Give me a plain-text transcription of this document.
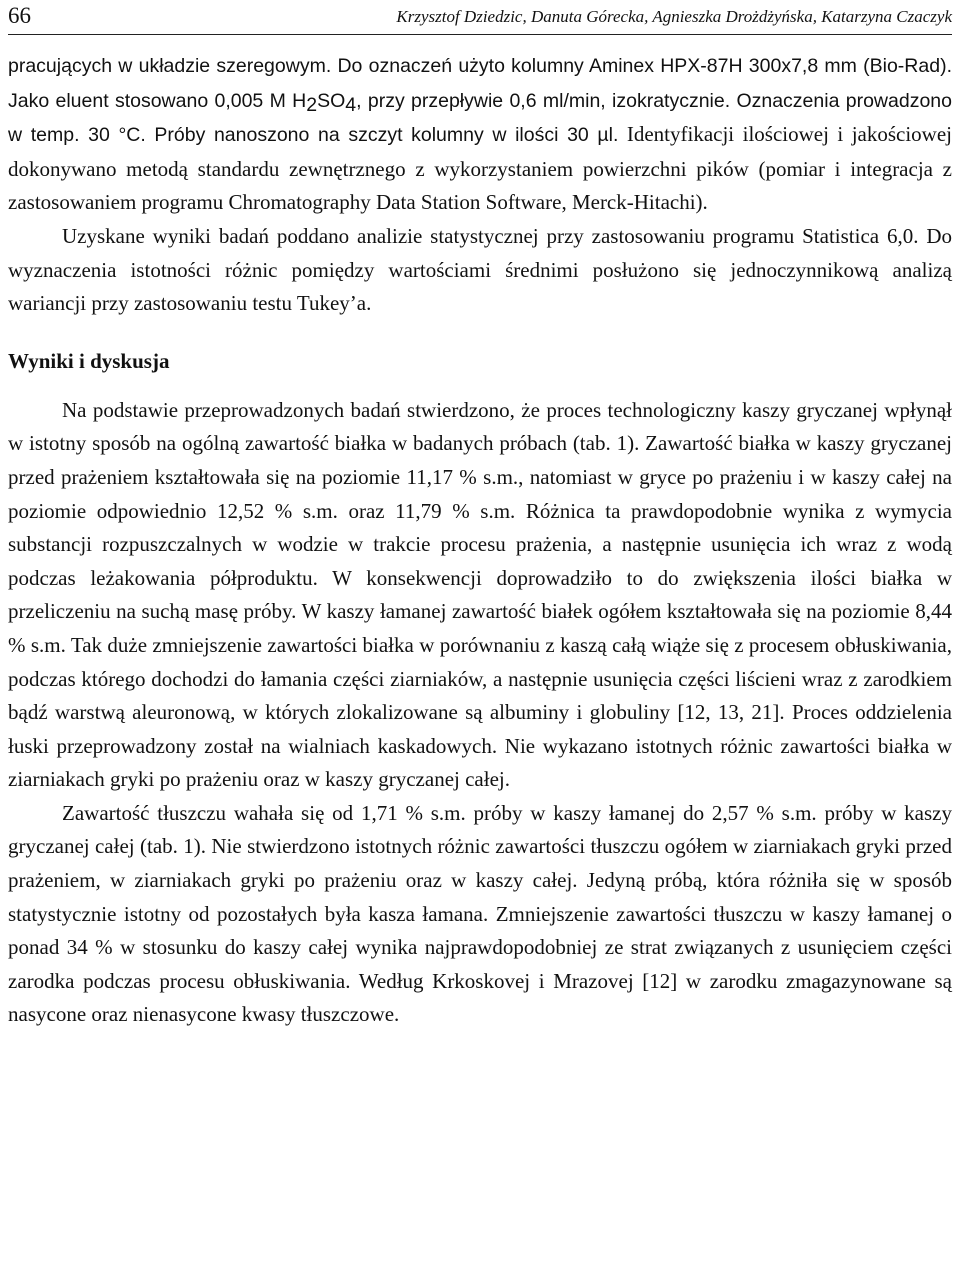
66	Krzysztof Dziedzic, Danuta Górecka, Agnieszka Drożdżyńska, Katarzyna Czaczyk

pracujących w układzie szeregowym. Do oznaczeń użyto kolumny Aminex HPX-87H 300x7,8 mm (Bio-Rad). Jako eluent stosowano 0,005 M $H_2SO_4$, przy przepływie 0,6 ml/min, izokratycznie. Oznaczenia prowadzono w temp. 30 °C. Próby nanoszono na szczyt kolumny w ilości 30 µl. Identyfikacji ilościowej i jakościowej dokonywano metodą standardu zewnętrznego z wykorzystaniem powierzchni pików (pomiar i integracja z zastosowaniem programu Chromatography Data Station Software, Merck-Hitachi).

Uzyskane wyniki badań poddano analizie statystycznej przy zastosowaniu programu Statistica 6,0. Do wyznaczenia istotności różnic pomiędzy wartościami średnimi posłużono się jednoczynnikową analizą wariancji przy zastosowaniu testu Tukey’a.

Wyniki i dyskusja

Na podstawie przeprowadzonych badań stwierdzono, że proces technologiczny kaszy gryczanej wpłynął w istotny sposób na ogólną zawartość białka w badanych próbach (tab. 1). Zawartość białka w kaszy gryczanej przed prażeniem kształtowała się na poziomie 11,17 % s.m., natomiast w gryce po prażeniu i w kaszy całej na poziomie odpowiednio 12,52 % s.m. oraz 11,79 % s.m. Różnica ta prawdopodobnie wynika z wymycia substancji rozpuszczalnych w wodzie w trakcie procesu prażenia, a następnie usunięcia ich wraz z wodą podczas leżakowania półproduktu. W konsekwencji doprowadziło to do zwiększenia ilości białka w przeliczeniu na suchą masę próby. W kaszy łamanej zawartość białek ogółem kształtowała się na poziomie 8,44 % s.m. Tak duże zmniejszenie zawartości białka w porównaniu z kaszą całą wiąże się z procesem obłuskiwania, podczas którego dochodzi do łamania części ziarniaków, a następnie usunięcia części liścieni wraz z zarodkiem bądź warstwą aleuronową, w których zlokalizowane są albuminy i globuliny [12, 13, 21]. Proces oddzielenia łuski przeprowadzony został na wialniach kaskadowych. Nie wykazano istotnych różnic zawartości białka w ziarniakach gryki po prażeniu oraz w kaszy gryczanej całej.

Zawartość tłuszczu wahała się od 1,71 % s.m. próby w kaszy łamanej do 2,57 % s.m. próby w kaszy gryczanej całej (tab. 1). Nie stwierdzono istotnych różnic zawartości tłuszczu ogółem w ziarniakach gryki przed prażeniem, w ziarniakach gryki po prażeniu oraz w kaszy całej. Jedyną próbą, która różniła się w sposób statystycznie istotny od pozostałych była kasza łamana. Zmniejszenie zawartości tłuszczu w kaszy łamanej o ponad 34 % w stosunku do kaszy całej wynika najprawdopodobniej ze strat związanych z usunięciem części zarodka podczas procesu obłuskiwania. Według Krkoskovej i Mrazovej [12] w zarodku zmagazynowane są nasycone oraz nienasycone kwasy tłuszczowe.
